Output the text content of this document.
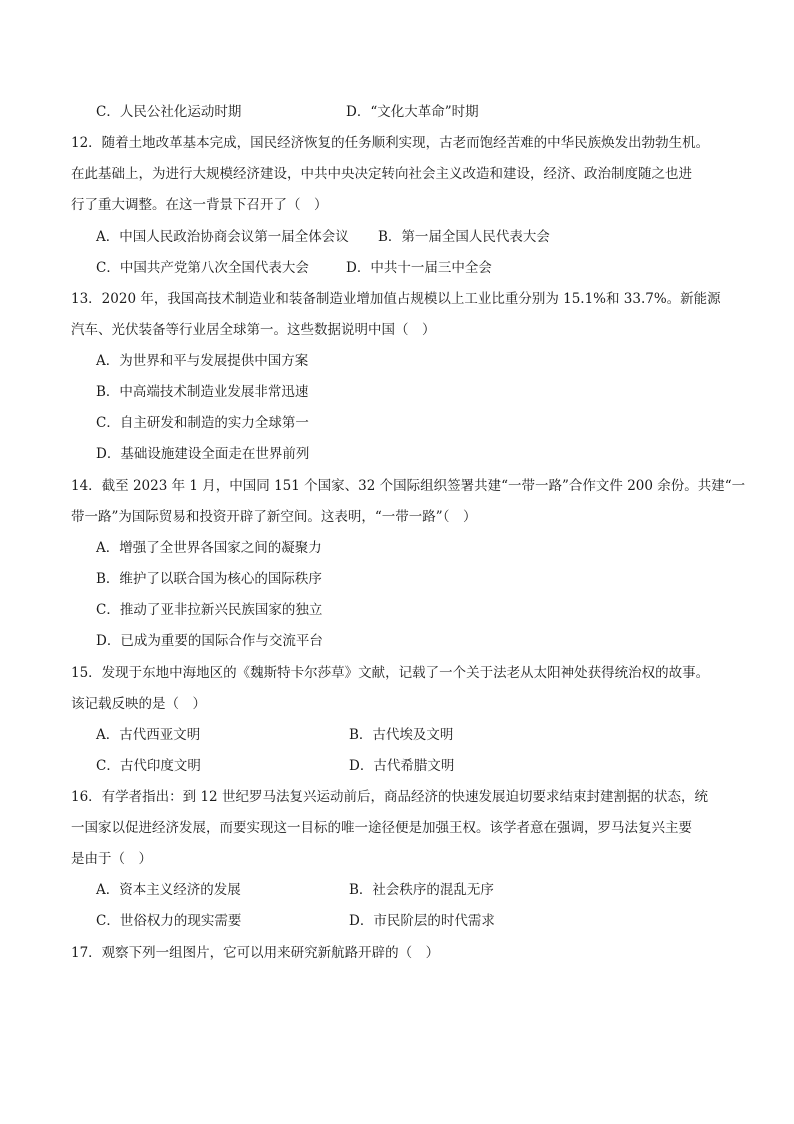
C．人民公社化运动时期	D．“文化大革命”时期
12．随着土地改革基本完成，国民经济恢复的任务顺利实现，古老而饱经苦难的中华民族焕发出勃勃生机。
在此基础上，为进行大规模经济建设，中共中央决定转向社会主义改造和建设，经济、政治制度随之也进
行了重大调整。在这一背景下召开了（　）
A．中国人民政治协商会议第一届全体会议 B．第一届全国人民代表大会
C．中国共产党第八次全国代表大会	D．中共十一届三中全会
13．2020 年，我国高技术制造业和装备制造业增加值占规模以上工业比重分别为 15.1%和 33.7%。新能源
汽车、光伏装备等行业居全球第一。这些数据说明中国（　）
A．为世界和平与发展提供中国方案
B．中高端技术制造业发展非常迅速
C．自主研发和制造的实力全球第一
D．基础设施建设全面走在世界前列
14．截至 2023 年 1 月，中国同 151 个国家、32 个国际组织签署共建“一带一路”合作文件 200 余份。共建“一
带一路”为国际贸易和投资开辟了新空间。这表明，“一带一路”（　）
A．增强了全世界各国家之间的凝聚力
B．维护了以联合国为核心的国际秩序
C．推动了亚非拉新兴民族国家的独立
D．已成为重要的国际合作与交流平台
15．发现于东地中海地区的《魏斯特卡尔莎草》文献，记载了一个关于法老从太阳神处获得统治权的故事。
该记载反映的是（　）
A．古代西亚文明	B．古代埃及文明
C．古代印度文明	D．古代希腊文明
16．有学者指出：到 12 世纪罗马法复兴运动前后，商品经济的快速发展迫切要求结束封建割据的状态，统
一国家以促进经济发展，而要实现这一目标的唯一途径便是加强王权。该学者意在强调，罗马法复兴主要
是由于（　）
A．资本主义经济的发展	B．社会秩序的混乱无序
C．世俗权力的现实需要	D．市民阶层的时代需求
17．观察下列一组图片，它可以用来研究新航路开辟的（　）
